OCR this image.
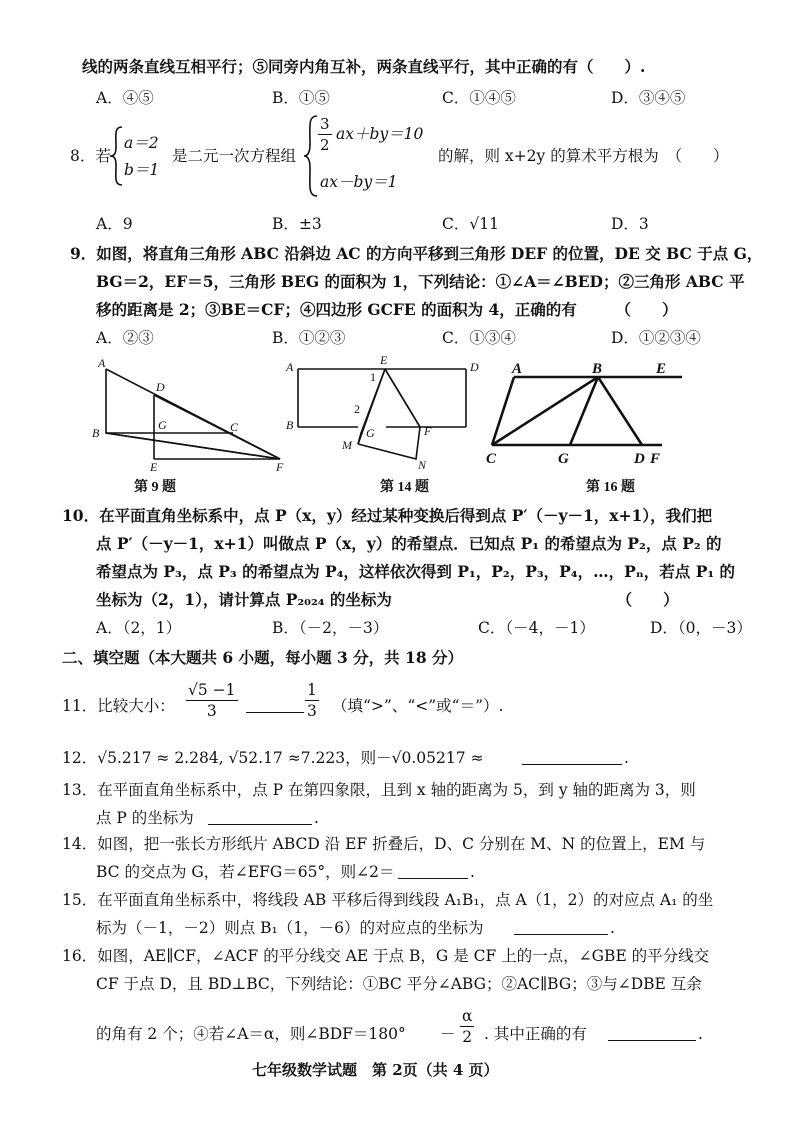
线的两条直线互相平行；⑤同旁内角互补，两条直线平行，其中正确的有（　　）.
A．④⑤	B．①⑤	C．①④⑤	D．③④⑤
8．若
a＝2
b＝1
是二元一次方程组
$\frac{3}{2} ax+by=10$
ax－by＝1
的解，则 x+2y 的算术平方根为　（　　）
A．9	B．±3	C．√11	D．3
9．如图，将直角三角形 ABC 沿斜边 AC 的方向平移到三角形 DEF 的位置，DE 交 BC 于点 G，
BG＝2，EF＝5，三角形 BEG 的面积为 1，下列结论：①∠A＝∠BED；②三角形 ABC 平
移的距离是 2；③BE＝CF；④四边形 GCFE 的面积为 4，正确的有　　　（　　）
A．②③	B．①②③	C．①③④	D．①②③④
A
D
B
G	C
E	F
A	E	D
B	F
G
M
N
1
2
A	B	E
C	G	D F
第 9 题	第 14 题	第 16 题
10．在平面直角坐标系中，点 P（x，y）经过某种变换后得到点 P′（－y－1，x+1），我们把
点 P′（－y－1，x+1）叫做点 P（x，y）的希望点．已知点 P₁ 的希望点为 P₂，点 P₂ 的
希望点为 P₃，点 P₃ 的希望点为 P₄，这样依次得到 P₁，P₂，P₃，P₄，…，Pₙ，若点 P₁ 的
坐标为（2，1），请计算点 P₂₀₂₄ 的坐标为　　　　　　　　　　　　　　　（　　）
A．（2，1）	B．（－2，－3）	C．（－4，－1）	D．（0，－3）
二、填空题（本大题共 6 小题，每小题 3 分，共 18 分）
11．比较大小： $\frac{√5 -1}{3}$	$\frac{1}{3}$ （填“>”、“<”或“＝”）.
12．√5.217 ≈ 2.284, √52.17 ≈7.223，则－√0.05217 ≈	.
13．在平面直角坐标系中，点 P 在第四象限，且到 x 轴的距离为 5，到 y 轴的距离为 3，则
点 P 的坐标为	.
14．如图，把一张长方形纸片 ABCD 沿 EF 折叠后，D、C 分别在 M、N 的位置上，EM 与
BC 的交点为 G，若∠EFG＝65°，则∠2＝	.
15．在平面直角坐标系中，将线段 AB 平移后得到线段 A₁B₁，点 A（1，2）的对应点 A₁ 的坐
标为（－1，－2）则点 B₁（1，－6）的对应点的坐标为	.
16．如图，AE∥CF，∠ACF 的平分线交 AE 于点 B，G 是 CF 上的一点，∠GBE 的平分线交
CF 于点 D，且 BD⊥BC，下列结论：①BC 平分∠ABG；②AC∥BG；③与∠DBE 互余
的角有 2 个；④若∠A＝α，则∠BDF＝180° － $\frac{\alpha}{2}$ . 其中正确的有	.
七年级数学试题　第 2页（共 4 页）
